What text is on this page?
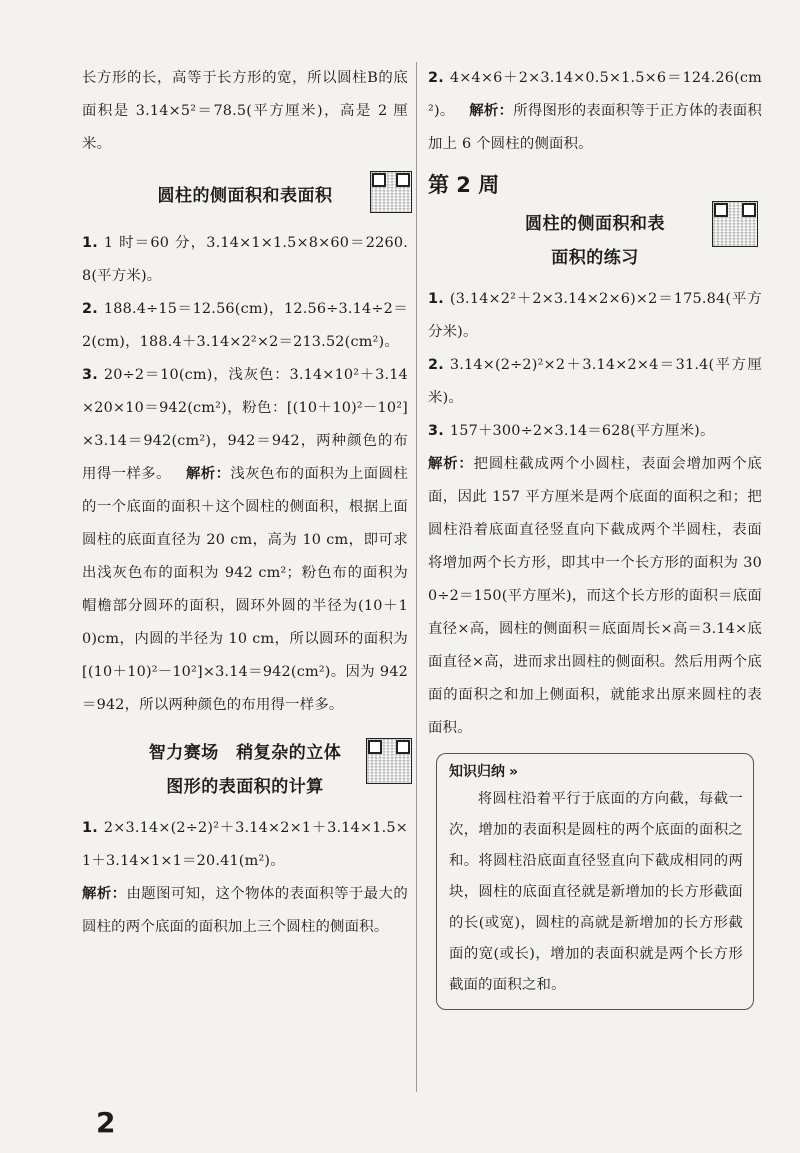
长方形的长，高等于长方形的宽，所以圆柱B的底面积是 3.14×5²＝78.5(平方厘米)，高是 2 厘米。

圆柱的侧面积和表面积

1. 1 时＝60 分，3.14×1×1.5×8×60＝2260.8(平方米)。

2. 188.4÷15＝12.56(cm)，12.56÷3.14÷2＝2(cm)，188.4＋3.14×2²×2＝213.52(cm²)。

3. 20÷2＝10(cm)，浅灰色：3.14×10²＋3.14×20×10＝942(cm²)，粉色：[(10＋10)²－10²]×3.14＝942(cm²)，942＝942，两种颜色的布用得一样多。 解析：浅灰色布的面积为上面圆柱的一个底面的面积＋这个圆柱的侧面积，根据上面圆柱的底面直径为 20 cm，高为 10 cm，即可求出浅灰色布的面积为 942 cm²；粉色布的面积为帽檐部分圆环的面积，圆环外圆的半径为(10＋10)cm，内圆的半径为 10 cm，所以圆环的面积为[(10＋10)²－10²]×3.14＝942(cm²)。因为 942＝942，所以两种颜色的布用得一样多。

智力赛场　稍复杂的立体
图形的表面积的计算

1. 2×3.14×(2÷2)²＋3.14×2×1＋3.14×1.5×1＋3.14×1×1＝20.41(m²)。

解析：由题图可知，这个物体的表面积等于最大的圆柱的两个底面的面积加上三个圆柱的侧面积。

2. 4×4×6＋2×3.14×0.5×1.5×6＝124.26(cm²)。 解析：所得图形的表面积等于正方体的表面积加上 6 个圆柱的侧面积。

第 2 周
圆柱的侧面积和表
面积的练习

1. (3.14×2²＋2×3.14×2×6)×2＝175.84(平方分米)。

2. 3.14×(2÷2)²×2＋3.14×2×4＝31.4(平方厘米)。

3. 157＋300÷2×3.14＝628(平方厘米)。

解析：把圆柱截成两个小圆柱，表面会增加两个底面，因此 157 平方厘米是两个底面的面积之和；把圆柱沿着底面直径竖直向下截成两个半圆柱，表面将增加两个长方形，即其中一个长方形的面积为 300÷2＝150(平方厘米)，而这个长方形的面积＝底面直径×高，圆柱的侧面积＝底面周长×高＝3.14×底面直径×高，进而求出圆柱的侧面积。然后用两个底面的面积之和加上侧面积，就能求出原来圆柱的表面积。

知识归纳 »

将圆柱沿着平行于底面的方向截，每截一次，增加的表面积是圆柱的两个底面的面积之和。将圆柱沿底面直径竖直向下截成相同的两块，圆柱的底面直径就是新增加的长方形截面的长(或宽)，圆柱的高就是新增加的长方形截面的宽(或长)，增加的表面积就是两个长方形截面的面积之和。

2
